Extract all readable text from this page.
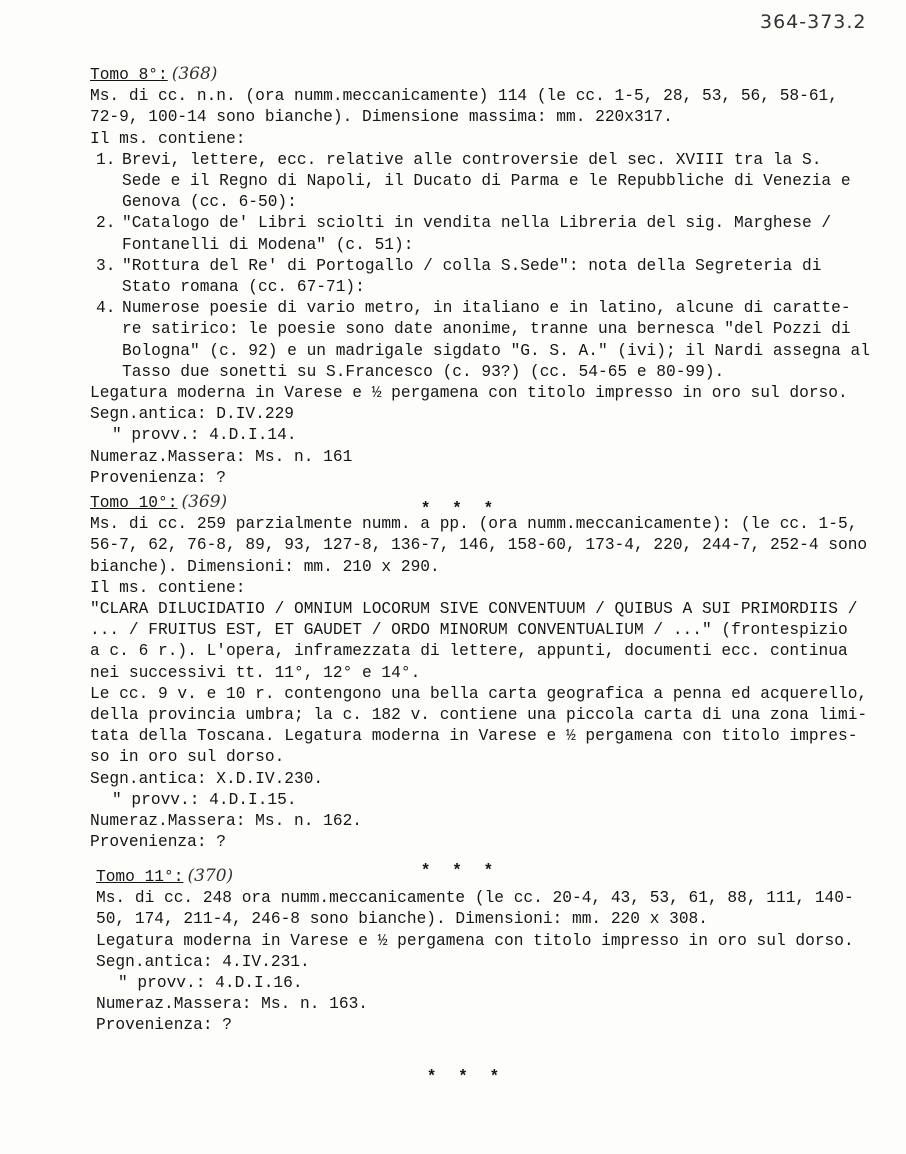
364-373.2

Tomo 8°: (368)

Ms. di cc. n.n. (ora numm.meccanicamente) 114 (le cc. 1-5, 28, 53, 56, 58-61,

72-9, 100-14 sono bianche). Dimensione massima: mm. 220x317.

Il ms. contiene:

1. Brevi, lettere, ecc. relative alle controversie del sec. XVIII tra la S.

Sede e il Regno di Napoli, il Ducato di Parma e le Repubbliche di Venezia e

Genova (cc. 6-50):

2. "Catalogo de' Libri sciolti in vendita nella Libreria del sig. Marghese /

Fontanelli di Modena" (c. 51):

3. "Rottura del Re' di Portogallo / colla S.Sede": nota della Segreteria di

Stato romana (cc. 67-71):

4. Numerose poesie di vario metro, in italiano e in latino, alcune di caratte-

re satirico: le poesie sono date anonime, tranne una bernesca "del Pozzi di

Bologna" (c. 92) e un madrigale sigdato "G. S. A." (ivi); il Nardi assegna al

Tasso due sonetti su S.Francesco (c. 93?) (cc. 54-65 e 80-99).

Legatura moderna in Varese e ½ pergamena con titolo impresso in oro sul dorso.

Segn.antica: D.IV.229

" provv.: 4.D.I.14.

Numeraz.Massera: Ms. n. 161

Provenienza: ?

* * *

Tomo 10°: (369)

Ms. di cc. 259 parzialmente numm. a pp. (ora numm.meccanicamente): (le cc. 1-5,

56-7, 62, 76-8, 89, 93, 127-8, 136-7, 146, 158-60, 173-4, 220, 244-7, 252-4 sono

bianche). Dimensioni: mm. 210 x 290.

Il ms. contiene:

"CLARA DILUCIDATIO / OMNIUM LOCORUM SIVE CONVENTUUM / QUIBUS A SUI PRIMORDIIS /

... / FRUITUS EST, ET GAUDET / ORDO MINORUM CONVENTUALIUM / ..." (frontespizio

a c. 6 r.). L'opera, inframezzata di lettere, appunti, documenti ecc. continua

nei successivi tt. 11°, 12° e 14°.

Le cc. 9 v. e 10 r. contengono una bella carta geografica a penna ed acquerello,

della provincia umbra; la c. 182 v. contiene una piccola carta di una zona limi-

tata della Toscana. Legatura moderna in Varese e ½ pergamena con titolo impres-

so in oro sul dorso.

Segn.antica: X.D.IV.230.

" provv.: 4.D.I.15.

Numeraz.Massera: Ms. n. 162.

Provenienza: ?

* * *

Tomo 11°: (370)

Ms. di cc. 248 ora numm.meccanicamente (le cc. 20-4, 43, 53, 61, 88, 111, 140-

50, 174, 211-4, 246-8 sono bianche). Dimensioni: mm. 220 x 308.

Legatura moderna in Varese e ½ pergamena con titolo impresso in oro sul dorso.

Segn.antica: 4.IV.231.

" provv.: 4.D.I.16.

Numeraz.Massera: Ms. n. 163.

Provenienza: ?

* * *
